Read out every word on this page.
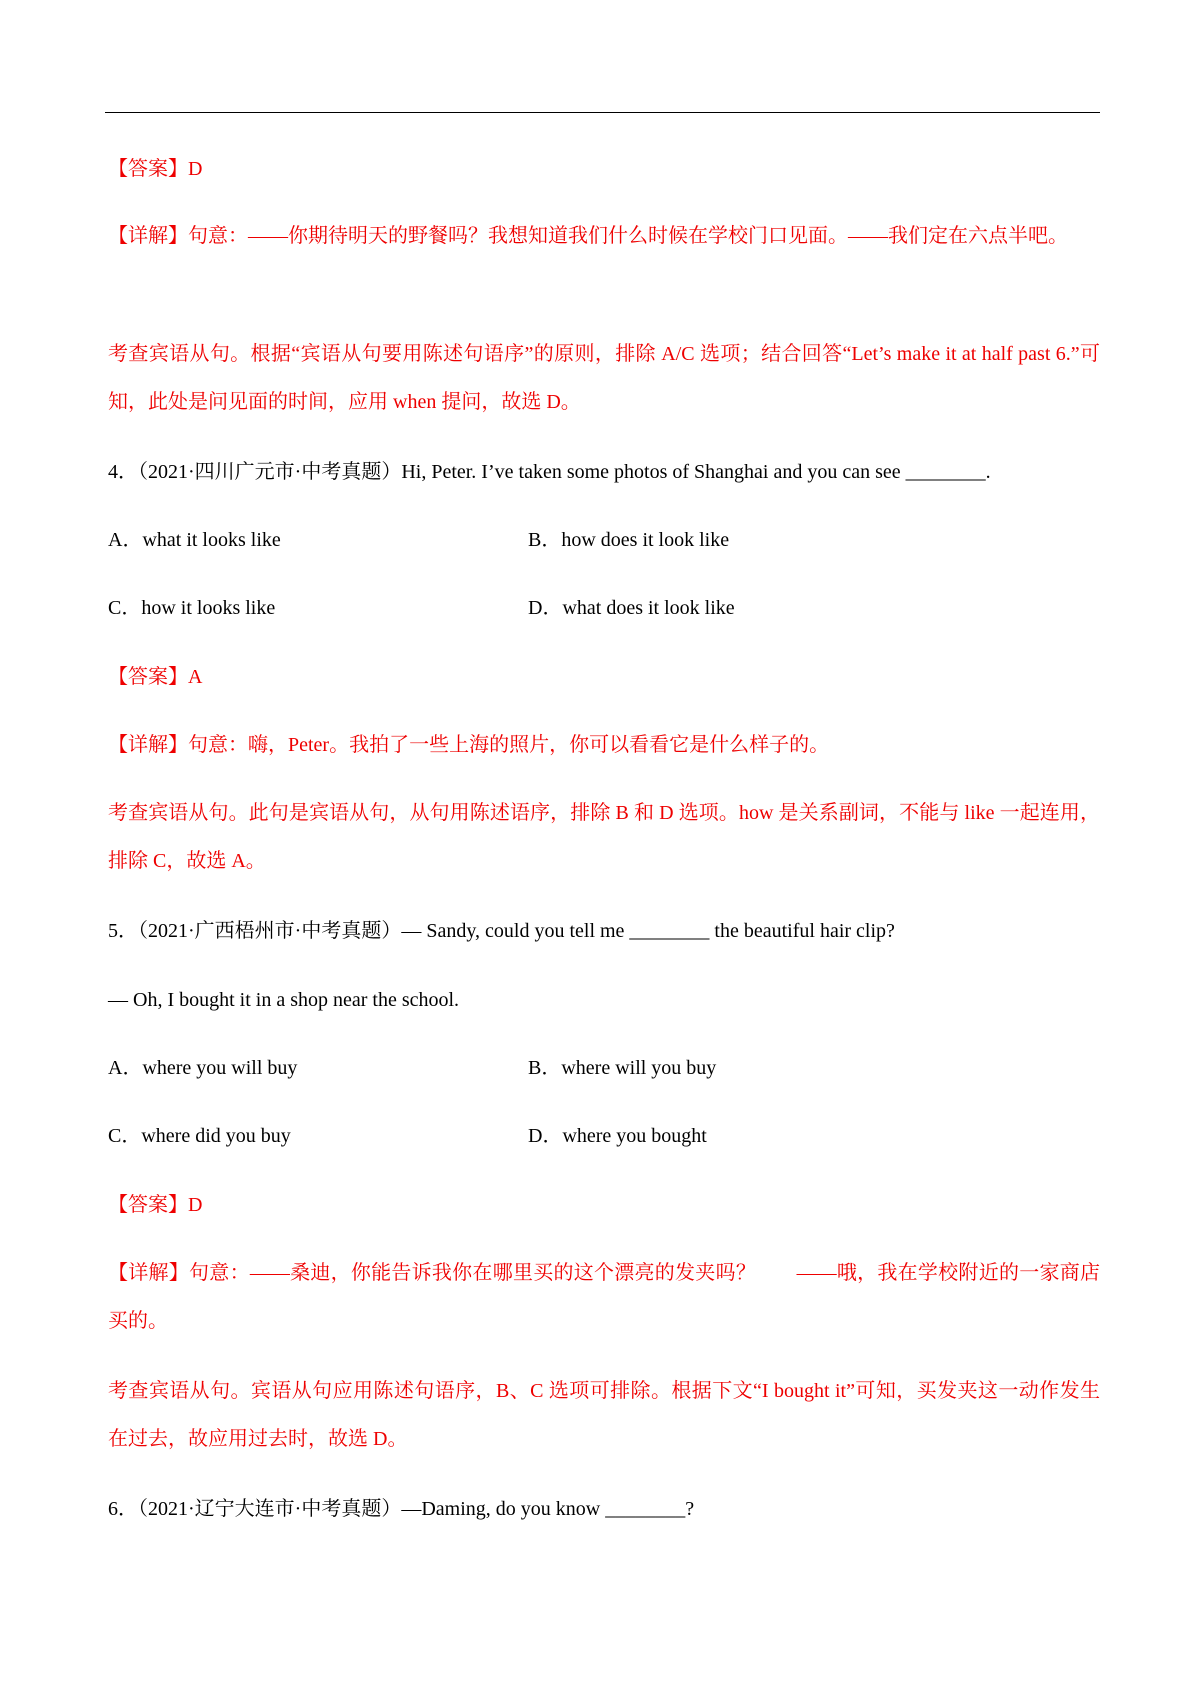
【答案】D
【详解】句意：——你期待明天的野餐吗？我想知道我们什么时候在学校门口见面。——我们定在六点半吧。
考查宾语从句。根据“宾语从句要用陈述句语序”的原则，排除 A/C 选项；结合回答“Let’s make it at half past 6.”可知，此处是问见面的时间，应用 when 提问，故选 D。
4．（2021·四川广元市·中考真题）Hi, Peter. I’ve taken some photos of Shanghai and you can see ________.
A．what it looks like	B．how does it look like
C．how it looks like	D．what does it look like
【答案】A
【详解】句意：嗨，Peter。我拍了一些上海的照片，你可以看看它是什么样子的。
考查宾语从句。此句是宾语从句，从句用陈述语序，排除 B 和 D 选项。how 是关系副词，不能与 like 一起连用，排除 C，故选 A。
5．（2021·广西梧州市·中考真题）— Sandy, could you tell me ________ the beautiful hair clip?
— Oh, I bought it in a shop near the school.
A．where you will buy	B．where will you buy
C．where did you buy	D．where you bought
【答案】D
【详解】句意：——桑迪，你能告诉我你在哪里买的这个漂亮的发夹吗？　　——哦，我在学校附近的一家商店买的。
考查宾语从句。宾语从句应用陈述句语序，B、C 选项可排除。根据下文“I bought it”可知，买发夹这一动作发生在过去，故应用过去时，故选 D。
6．（2021·辽宁大连市·中考真题）—Daming, do you know ________?
